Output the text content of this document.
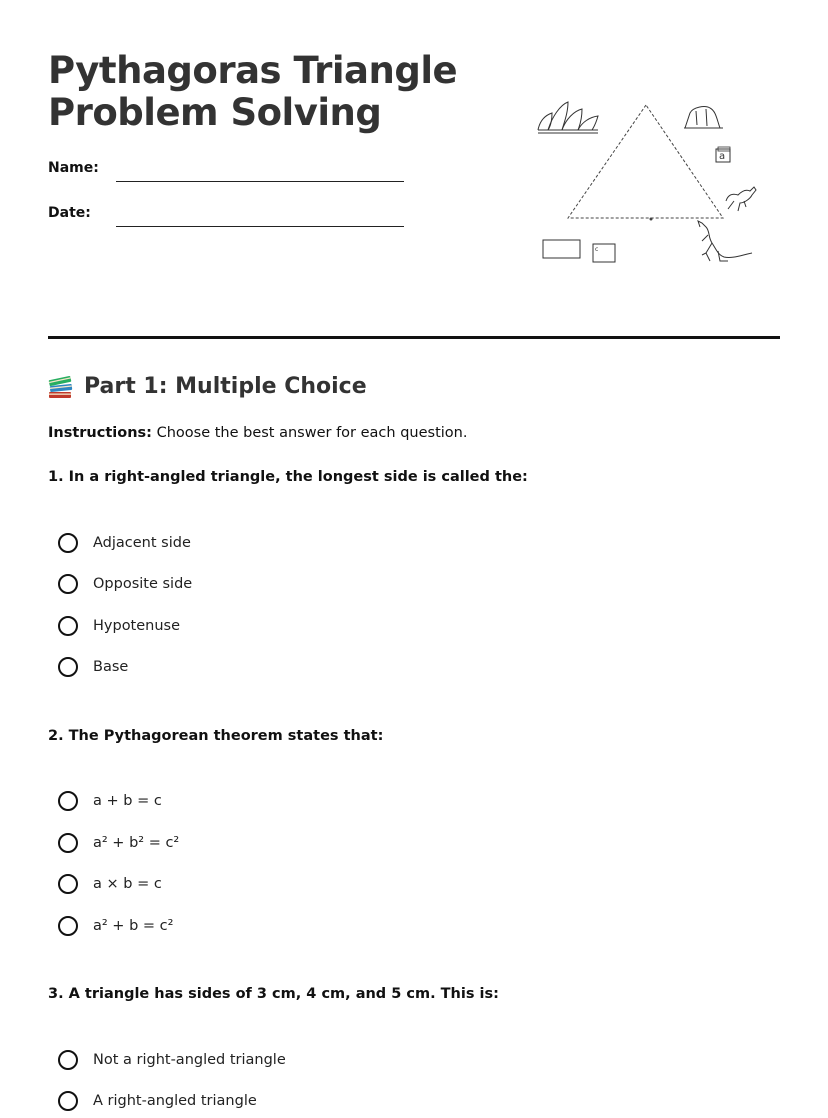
Pythagoras Triangle
Problem Solving
Name:
Date:
a
c
Part 1: Multiple Choice
Instructions: Choose the best answer for each question.
1. In a right-angled triangle, the longest side is called the:
Adjacent side
Opposite side
Hypotenuse
Base
2. The Pythagorean theorem states that:
a + b = c
a² + b² = c²
a × b = c
a² + b = c²
3. A triangle has sides of 3 cm, 4 cm, and 5 cm. This is:
Not a right-angled triangle
A right-angled triangle
